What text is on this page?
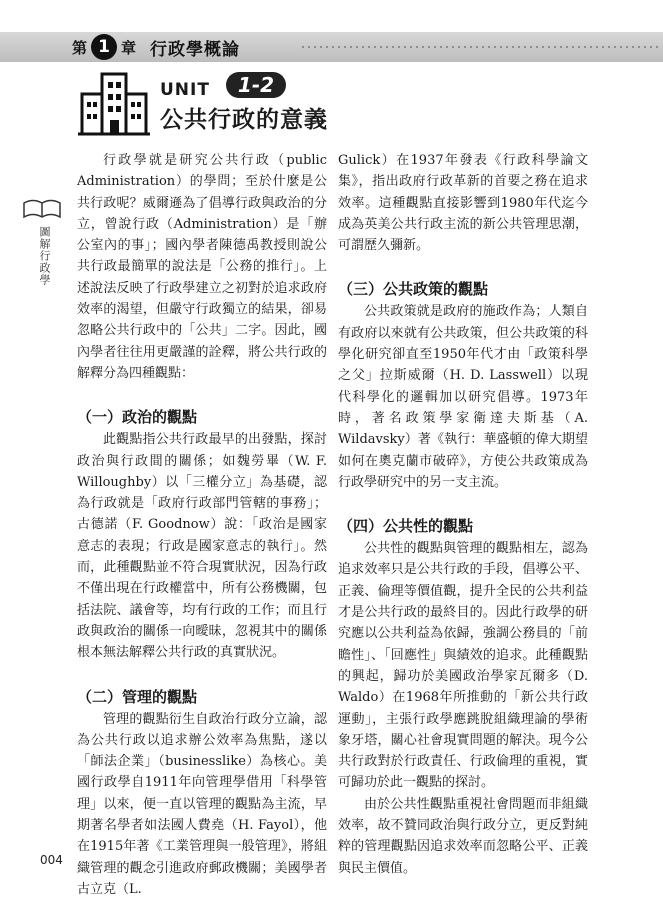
第 1 章 行政學概論
UNIT	1-2
公共行政的意義
圖解行政學

行政學就是研究公共行政（public Administration）的學問；至於什麼是公共行政呢？威爾遜為了倡導行政與政治的分立，曾說行政（Administration）是「辦公室內的事」；國內學者陳德禹教授則說公共行政最簡單的說法是「公務的推行」。上述說法反映了行政學建立之初對於追求政府效率的渴望，但嚴守行政獨立的結果，卻易忽略公共行政中的「公共」二字。因此，國內學者往往用更嚴謹的詮釋，將公共行政的解釋分為四種觀點：

（一）政治的觀點

此觀點指公共行政最早的出發點，探討政治與行政間的關係；如魏勞畢（W. F. Willoughby）以「三權分立」為基礎，認為行政就是「政府行政部門管轄的事務」；古德諾（F. Goodnow）說：「政治是國家意志的表現；行政是國家意志的執行」。然而，此種觀點並不符合現實狀況，因為行政不僅出現在行政權當中，所有公務機關，包括法院、議會等，均有行政的工作；而且行政與政治的關係一向曖昧，忽視其中的關係根本無法解釋公共行政的真實狀況。

（二）管理的觀點

管理的觀點衍生自政治行政分立論，認為公共行政以追求辦公效率為焦點，遂以「師法企業」（businesslike）為核心。美國行政學自1911年向管理學借用「科學管理」以來，便一直以管理的觀點為主流，早期著名學者如法國人費堯（H. Fayol），他在1915年著《工業管理與一般管理》，將組織管理的觀念引進政府郵政機關；美國學者古立克（L.

Gulick）在1937年發表《行政科學論文集》，指出政府行政革新的首要之務在追求效率。這種觀點直接影響到1980年代迄今成為英美公共行政主流的新公共管理思潮，可謂歷久彌新。

（三）公共政策的觀點

公共政策就是政府的施政作為；人類自有政府以來就有公共政策，但公共政策的科學化研究卻直至1950年代才由「政策科學之父」拉斯威爾（H. D. Lasswell）以現代科學化的邏輯加以研究倡導。1973年時，著名政策學家衛達夫斯基（A. Wildavsky）著《執行：華盛頓的偉大期望如何在奧克蘭市破碎》，方使公共政策成為行政學研究中的另一支主流。

（四）公共性的觀點

公共性的觀點與管理的觀點相左，認為追求效率只是公共行政的手段，倡導公平、正義、倫理等價值觀，提升全民的公共利益才是公共行政的最終目的。因此行政學的研究應以公共利益為依歸，強調公務員的「前瞻性」、「回應性」與績效的追求。此種觀點的興起，歸功於美國政治學家瓦爾多（D. Waldo）在1968年所推動的「新公共行政運動」，主張行政學應跳脫組織理論的學術象牙塔，關心社會現實問題的解決。現今公共行政對於行政責任、行政倫理的重視，實可歸功於此一觀點的探討。

由於公共性觀點重視社會問題而非組織效率，故不贊同政治與行政分立，更反對純粹的管理觀點因追求效率而忽略公平、正義與民主價值。

004
